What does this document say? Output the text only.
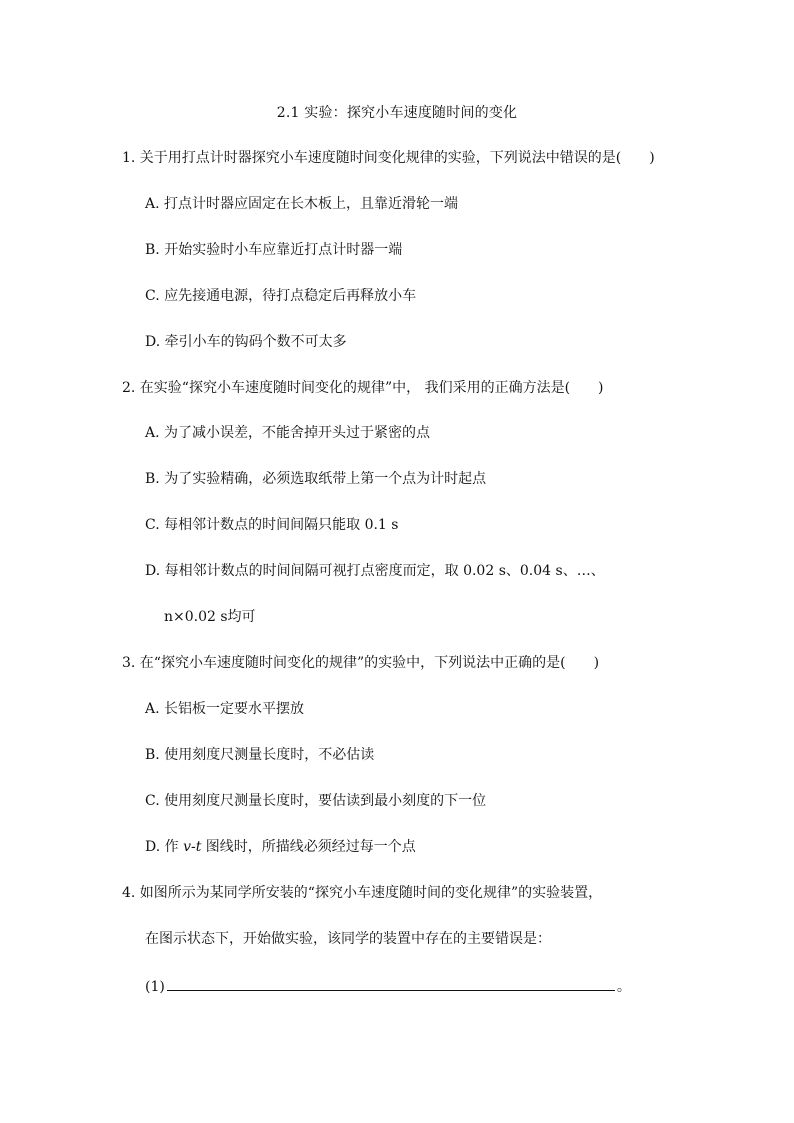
2.1 实验：探究小车速度随时间的变化
1. 关于用打点计时器探究小车速度随时间变化规律的实验，下列说法中错误的是(　　)
A. 打点计时器应固定在长木板上，且靠近滑轮一端
B. 开始实验时小车应靠近打点计时器一端
C. 应先接通电源，待打点稳定后再释放小车
D. 牵引小车的钩码个数不可太多
2. 在实验“探究小车速度随时间变化的规律”中， 我们采用的正确方法是(　　)
A. 为了减小误差，不能舍掉开头过于紧密的点
B. 为了实验精确，必须选取纸带上第一个点为计时起点
C. 每相邻计数点的时间间隔只能取 0.1 s
D. 每相邻计数点的时间间隔可视打点密度而定，取 0.02 s、0.04 s、…、
n×0.02 s均可
3. 在“探究小车速度随时间变化的规律”的实验中，下列说法中正确的是(　　)
A. 长铝板一定要水平摆放
B. 使用刻度尺测量长度时，不必估读
C. 使用刻度尺测量长度时，要估读到最小刻度的下一位
D. 作 v-t 图线时，所描线必须经过每一个点
4. 如图所示为某同学所安装的“探究小车速度随时间的变化规律”的实验装置，
在图示状态下，开始做实验，该同学的装置中存在的主要错误是：
(1)	。
